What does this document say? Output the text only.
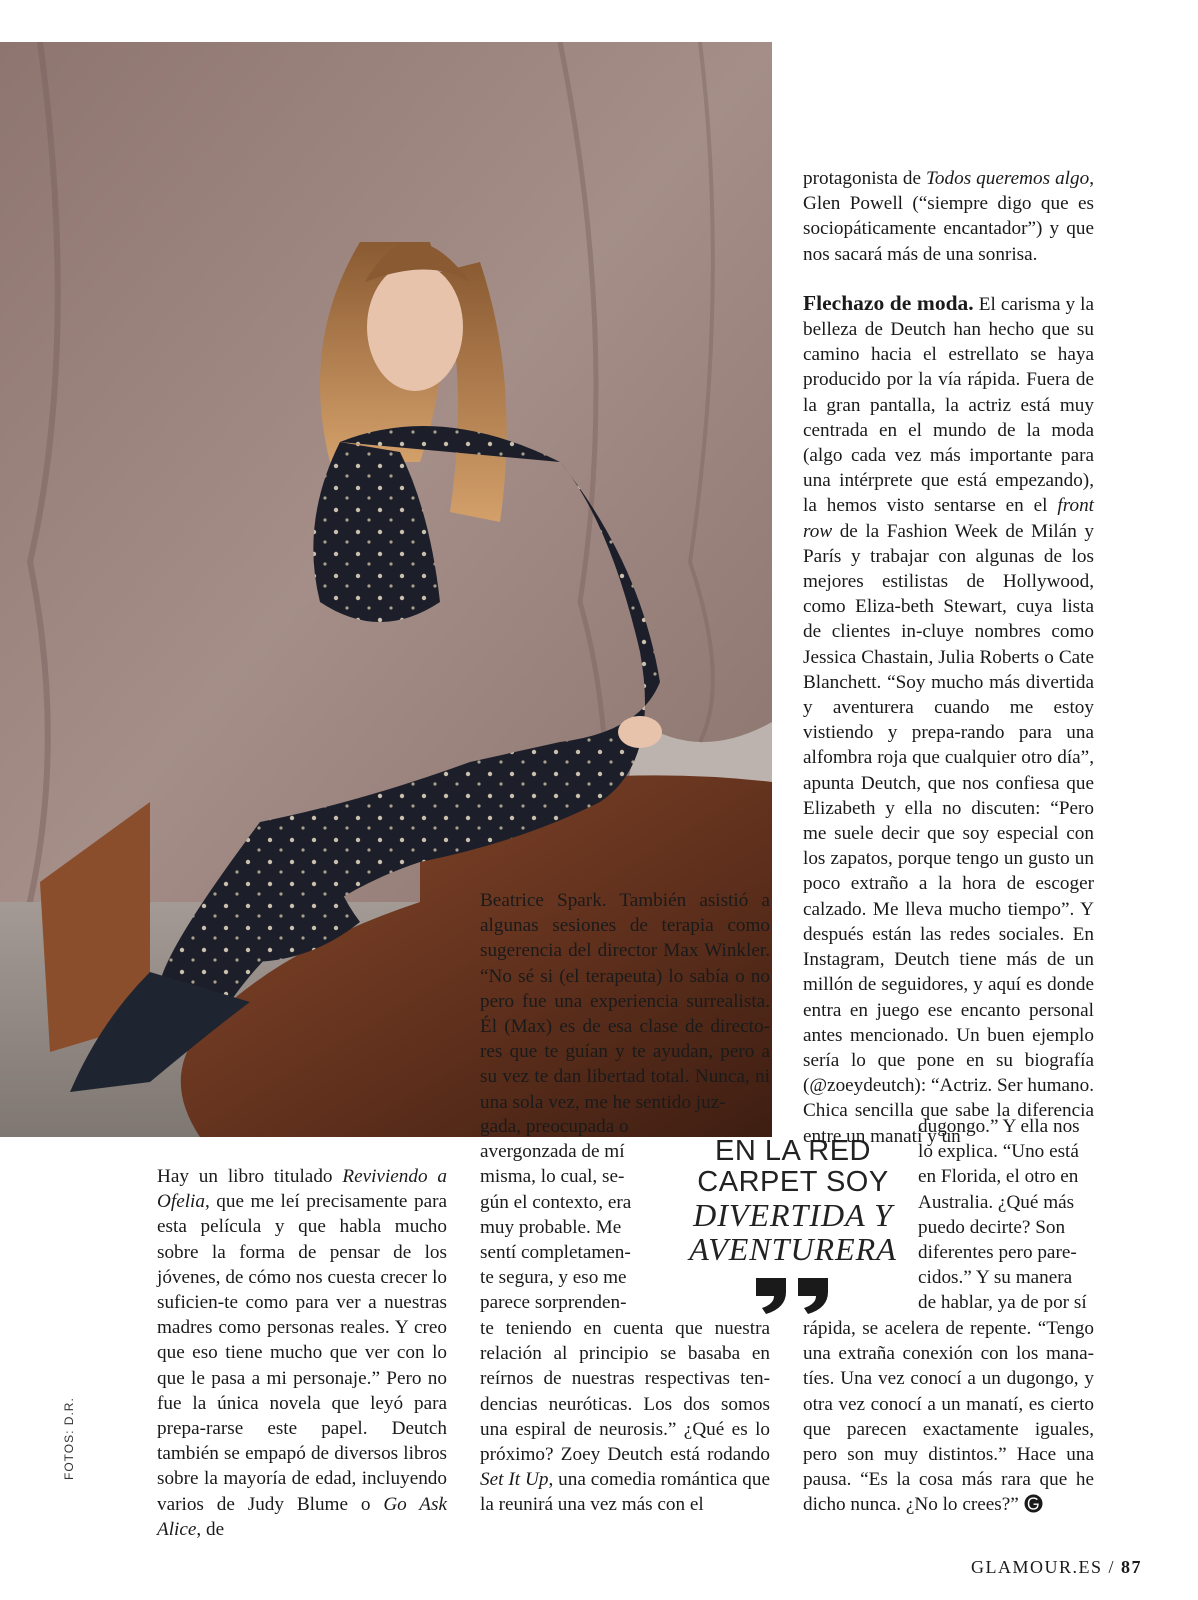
Hay un libro titulado Reviviendo a Ofelia, que me leí precisamente para esta película y que habla mucho sobre la forma de pensar de los jóvenes, de cómo nos cuesta crecer lo suficien-te como para ver a nuestras madres como personas reales. Y creo que eso tiene mucho que ver con lo que le pasa a mi personaje.” Pero no fue la única novela que leyó para prepa-rarse este papel. Deutch también se empapó de diversos libros sobre la mayoría de edad, incluyendo varios de Judy Blume o Go Ask Alice, de

Beatrice Spark. También asistió a algunas sesiones de terapia como sugerencia del director Max Winkler. “No sé si (el terapeuta) lo sabía o no pero fue una experiencia surrealista. Él (Max) es de esa clase de directo-res que te guían y te ayudan, pero a su vez te dan libertad total. Nunca, ni una sola vez, me he sentido juz-

gada, preocupada o avergonzada de mí misma, lo cual, se-gún el contexto, era muy probable. Me sentí completamen-te segura, y eso me parece sorprenden-

te teniendo en cuenta que nuestra relación al principio se basaba en reírnos de nuestras respectivas ten-dencias neuróticas. Los dos somos una espiral de neurosis.” ¿Qué es lo próximo? Zoey Deutch está rodando Set It Up, una comedia romántica que la reunirá una vez más con el

EN LA RED
CARPET SOY
DIVERTIDA Y
AVENTURERA

protagonista de Todos queremos algo, Glen Powell (“siempre digo que es sociopáticamente encantador”) y que nos sacará más de una sonrisa.

Flechazo de moda. El carisma y la belleza de Deutch han hecho que su camino hacia el estrellato se haya producido por la vía rápida. Fuera de la gran pantalla, la actriz está muy centrada en el mundo de la moda (algo cada vez más importante para una intérprete que está empezando), la hemos visto sentarse en el front row de la Fashion Week de Milán y París y trabajar con algunas de los mejores estilistas de Hollywood, como Eliza-beth Stewart, cuya lista de clientes in-cluye nombres como Jessica Chastain, Julia Roberts o Cate Blanchett. “Soy mucho más divertida y aventurera cuando me estoy vistiendo y prepa-rando para una alfombra roja que cualquier otro día”, apunta Deutch, que nos confiesa que Elizabeth y ella no discuten: “Pero me suele decir que soy especial con los zapatos, porque tengo un gusto un poco extraño a la hora de escoger calzado. Me lleva mucho tiempo”. Y después están las redes sociales. En Instagram, Deutch tiene más de un millón de seguidores, y aquí es donde entra en juego ese encanto personal antes mencionado. Un buen ejemplo sería lo que pone en su biografía (@zoeydeutch): “Actriz. Ser humano. Chica sencilla que sabe la diferencia entre un manatí y un

dugongo.” Y ella nos lo explica. “Uno está en Florida, el otro en Australia. ¿Qué más puedo decirte? Son diferentes pero pare-cidos.” Y su manera de hablar, ya de por sí

rápida, se acelera de repente. “Tengo una extraña conexión con los mana-tíes. Una vez conocí a un dugongo, y otra vez conocí a un manatí, es cierto que parecen exactamente iguales, pero son muy distintos.” Hace una pausa. “Es la cosa más rara que he dicho nunca. ¿No lo crees?”

FOTOS: D.R.
GLAMOUR.ES / 87
